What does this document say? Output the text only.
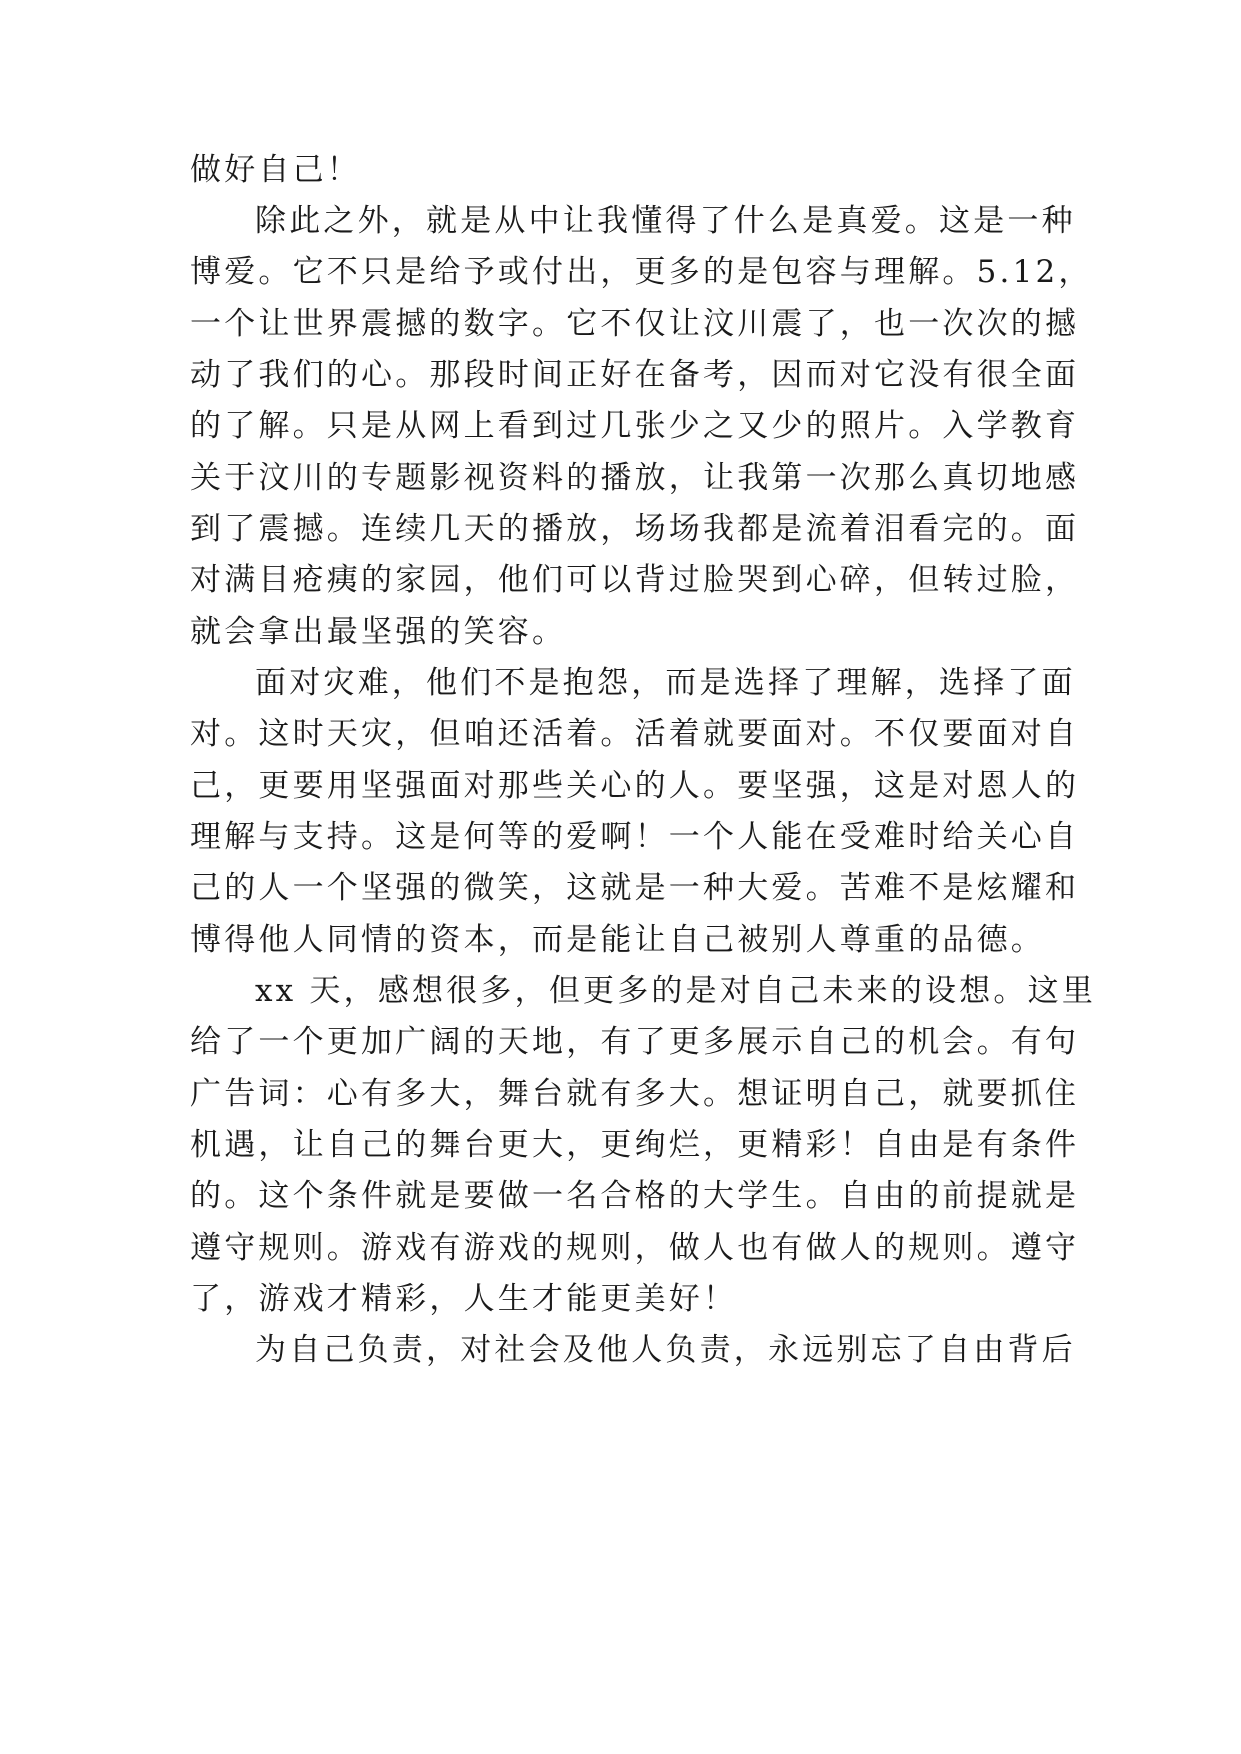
做好自己！
除此之外，就是从中让我懂得了什么是真爱。这是一种
博爱。它不只是给予或付出，更多的是包容与理解。5.12，
一个让世界震撼的数字。它不仅让汶川震了，也一次次的撼
动了我们的心。那段时间正好在备考，因而对它没有很全面
的了解。只是从网上看到过几张少之又少的照片。入学教育
关于汶川的专题影视资料的播放，让我第一次那么真切地感
到了震撼。连续几天的播放，场场我都是流着泪看完的。面
对满目疮痍的家园，他们可以背过脸哭到心碎，但转过脸，
就会拿出最坚强的笑容。
面对灾难，他们不是抱怨，而是选择了理解，选择了面
对。这时天灾，但咱还活着。活着就要面对。不仅要面对自
己，更要用坚强面对那些关心的人。要坚强，这是对恩人的
理解与支持。这是何等的爱啊！一个人能在受难时给关心自
己的人一个坚强的微笑，这就是一种大爱。苦难不是炫耀和
博得他人同情的资本，而是能让自己被别人尊重的品德。
xx 天，感想很多，但更多的是对自己未来的设想。这里
给了一个更加广阔的天地，有了更多展示自己的机会。有句
广告词：心有多大，舞台就有多大。想证明自己，就要抓住
机遇，让自己的舞台更大，更绚烂，更精彩！自由是有条件
的。这个条件就是要做一名合格的大学生。自由的前提就是
遵守规则。游戏有游戏的规则，做人也有做人的规则。遵守
了，游戏才精彩，人生才能更美好！
为自己负责，对社会及他人负责，永远别忘了自由背后
